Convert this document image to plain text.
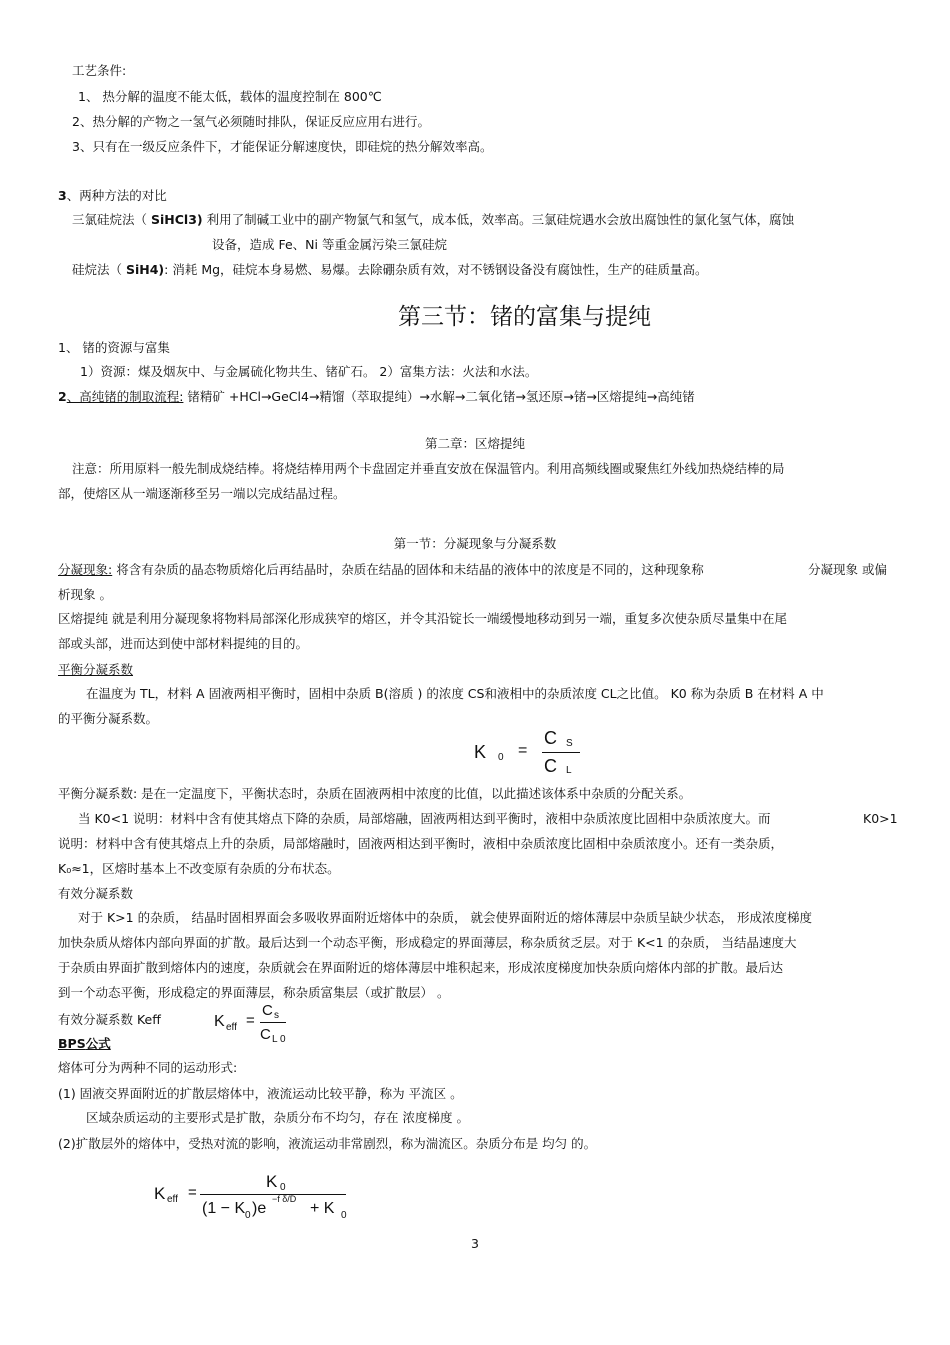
工艺条件:
1、 热分解的温度不能太低，载体的温度控制在 800℃
2、热分解的产物之一氢气必须随时排队，保证反应应用右进行。
3、只有在一级反应条件下，才能保证分解速度快，即硅烷的热分解效率高。
3、两种方法的对比
三氯硅烷法（ SiHCl3) 利用了制碱工业中的副产物氯气和氢气，成本低，效率高。三氯硅烷遇水会放出腐蚀性的氯化氢气体，腐蚀
设备，造成 Fe、Ni 等重金属污染三氯硅烷
硅烷法（ SiH4): 消耗 Mg，硅烷本身易燃、易爆。去除硼杂质有效，对不锈钢设备没有腐蚀性，生产的硅质量高。
第三节：锗的富集与提纯
1、 锗的资源与富集
1）资源：煤及烟灰中、与金属硫化物共生、锗矿石。 2）富集方法：火法和水法。
2、高纯锗的制取流程: 锗精矿 +HCl→GeCl4→精馏（萃取提纯）→水解→二氧化锗→氢还原→锗→区熔提纯→高纯锗
第二章：区熔提纯
注意：所用原料一般先制成烧结棒。将烧结棒用两个卡盘固定并垂直安放在保温管内。利用高频线圈或聚焦红外线加热烧结棒的局
部，使熔区从一端逐渐移至另一端以完成结晶过程。
第一节：分凝现象与分凝系数
分凝现象: 将含有杂质的晶态物质熔化后再结晶时，杂质在结晶的固体和未结晶的液体中的浓度是不同的，这种现象称	分凝现象 或偏
析现象 。
区熔提纯 就是利用分凝现象将物料局部深化形成狭窄的熔区，并令其沿锭长一端缓慢地移动到另一端，重复多次使杂质尽量集中在尾
部或头部，进而达到使中部材料提纯的目的。
平衡分凝系数
在温度为 TL，材料 A 固液两相平衡时，固相中杂质 B(溶质 ) 的浓度 CS和液相中的杂质浓度 CL之比值。 K0 称为杂质 B 在材料 A 中
的平衡分凝系数。
K 0 =
C S
C L
平衡分凝系数: 是在一定温度下，平衡状态时，杂质在固液两相中浓度的比值，以此描述该体系中杂质的分配关系。
当 K0<1 说明：材料中含有使其熔点下降的杂质，局部熔融，固液两相达到平衡时，液相中杂质浓度比固相中杂质浓度大。而	K0>1
说明：材料中含有使其熔点上升的杂质，局部熔融时，固液两相达到平衡时，液相中杂质浓度比固相中杂质浓度小。还有一类杂质，
K₀≈1，区熔时基本上不改变原有杂质的分布状态。
有效分凝系数
对于 K>1 的杂质， 结晶时固相界面会多吸收界面附近熔体中的杂质， 就会使界面附近的熔体薄层中杂质呈缺少状态， 形成浓度梯度
加快杂质从熔体内部向界面的扩散。最后达到一个动态平衡，形成稳定的界面薄层，称杂质贫乏层。对于 K<1 的杂质， 当结晶速度大
于杂质由界面扩散到熔体内的速度，杂质就会在界面附近的熔体薄层中堆积起来，形成浓度梯度加快杂质向熔体内部的扩散。最后达
到一个动态平衡，形成稳定的界面薄层，称杂质富集层（或扩散层） 。
有效分凝系数 Keff	K eff =
C s
C L 0
BPS公式
熔体可分为两种不同的运动形式:
(1) 固液交界面附近的扩散层熔体中，液流运动比较平静，称为 平流区 。
区域杂质运动的主要形式是扩散，杂质分布不均匀，存在 浓度梯度 。
(2)扩散层外的熔体中，受热对流的影响，液流运动非常剧烈，称为湍流区。杂质分布是 均匀 的。
K eff =
K 0
(1 − K 0 )e
−f δ/D
+ K 0
3
